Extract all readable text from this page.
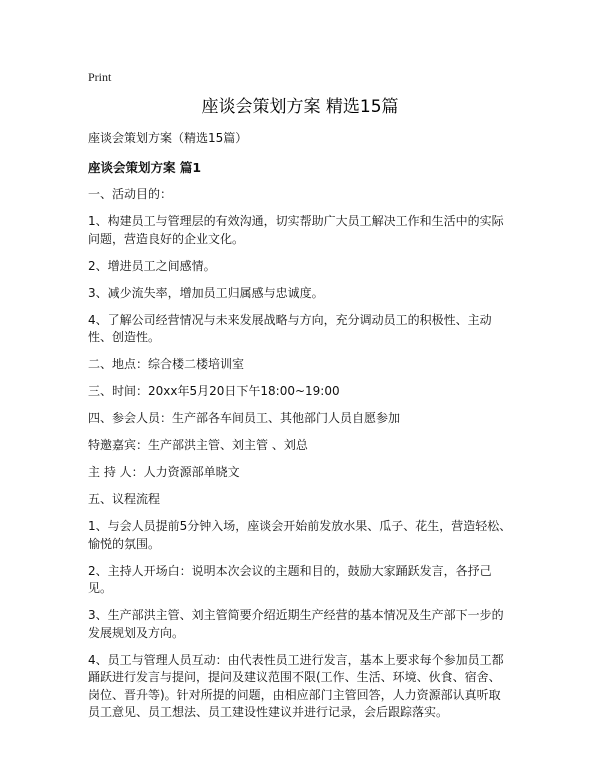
Print
座谈会策划方案 精选15篇
座谈会策划方案（精选15篇）
座谈会策划方案 篇1
一、活动目的：
1、构建员工与管理层的有效沟通，切实帮助广大员工解决工作和生活中的实际问题，营造良好的企业文化。
2、增进员工之间感情。
3、减少流失率，增加员工归属感与忠诚度。
4、了解公司经营情况与未来发展战略与方向，充分调动员工的积极性、主动性、创造性。
二、地点：综合楼二楼培训室
三、时间：20xx年5月20日下午18:00~19:00
四、参会人员：生产部各车间员工、其他部门人员自愿参加
特邀嘉宾：生产部洪主管、刘主管 、刘总
主 持 人：人力资源部单晓文
五、议程流程
1、与会人员提前5分钟入场，座谈会开始前发放水果、瓜子、花生，营造轻松、愉悦的氛围。
2、主持人开场白：说明本次会议的主题和目的，鼓励大家踊跃发言，各抒己见。
3、生产部洪主管、刘主管简要介绍近期生产经营的基本情况及生产部下一步的发展规划及方向。
4、员工与管理人员互动：由代表性员工进行发言，基本上要求每个参加员工都踊跃进行发言与提问，提问及建议范围不限(工作、生活、环境、伙食、宿舍、岗位、晋升等)。针对所提的问题，由相应部门主管回答，人力资源部认真听取员工意见、员工想法、员工建设性建议并进行记录，会后跟踪落实。
